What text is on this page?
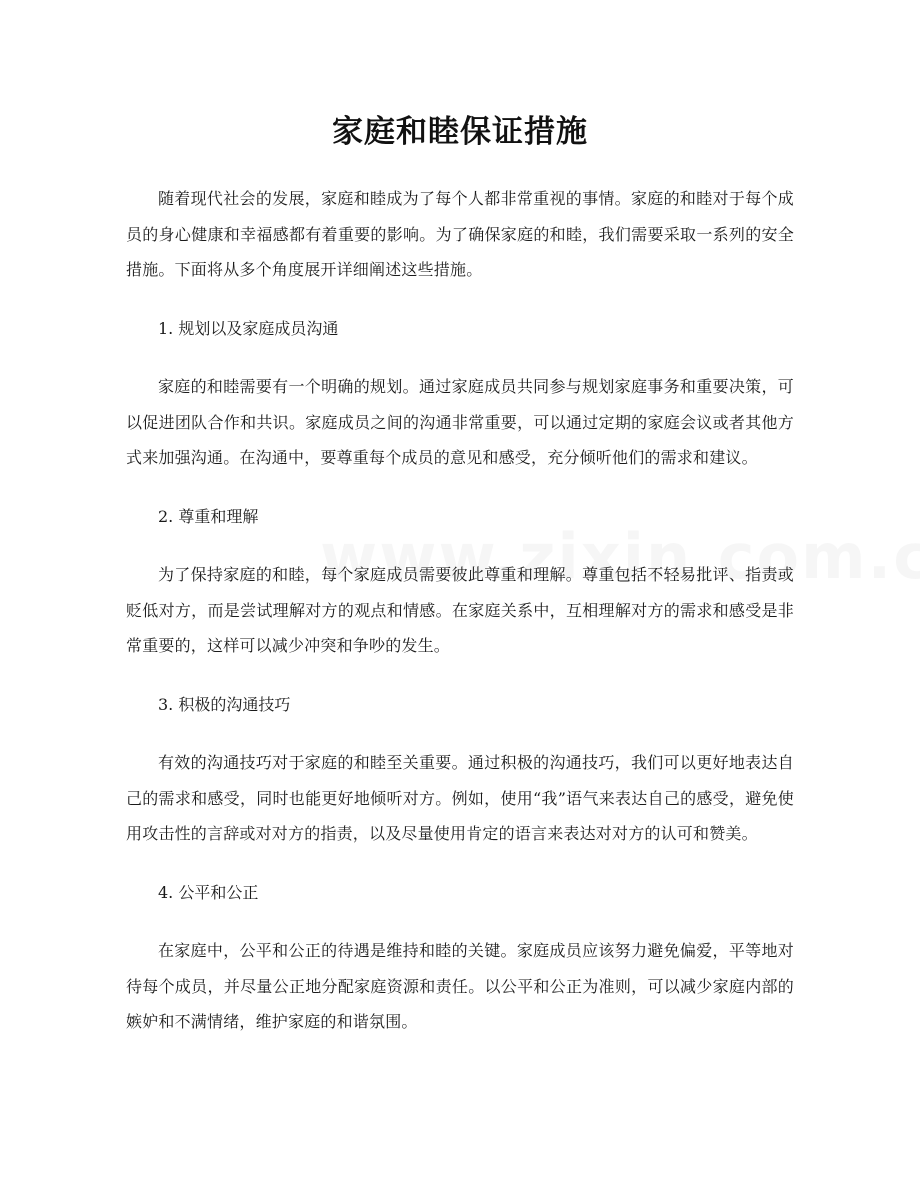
家庭和睦保证措施

随着现代社会的发展，家庭和睦成为了每个人都非常重视的事情。家庭的和睦对于每个成员的身心健康和幸福感都有着重要的影响。为了确保家庭的和睦，我们需要采取一系列的安全措施。下面将从多个角度展开详细阐述这些措施。

1. 规划以及家庭成员沟通

家庭的和睦需要有一个明确的规划。通过家庭成员共同参与规划家庭事务和重要决策，可以促进团队合作和共识。家庭成员之间的沟通非常重要，可以通过定期的家庭会议或者其他方式来加强沟通。在沟通中，要尊重每个成员的意见和感受，充分倾听他们的需求和建议。

2. 尊重和理解

为了保持家庭的和睦，每个家庭成员需要彼此尊重和理解。尊重包括不轻易批评、指责或贬低对方，而是尝试理解对方的观点和情感。在家庭关系中，互相理解对方的需求和感受是非常重要的，这样可以减少冲突和争吵的发生。

3. 积极的沟通技巧

有效的沟通技巧对于家庭的和睦至关重要。通过积极的沟通技巧，我们可以更好地表达自己的需求和感受，同时也能更好地倾听对方。例如，使用“我”语气来表达自己的感受，避免使用攻击性的言辞或对对方的指责，以及尽量使用肯定的语言来表达对对方的认可和赞美。

4. 公平和公正

在家庭中，公平和公正的待遇是维持和睦的关键。家庭成员应该努力避免偏爱，平等地对待每个成员，并尽量公正地分配家庭资源和责任。以公平和公正为准则，可以减少家庭内部的嫉妒和不满情绪，维护家庭的和谐氛围。
